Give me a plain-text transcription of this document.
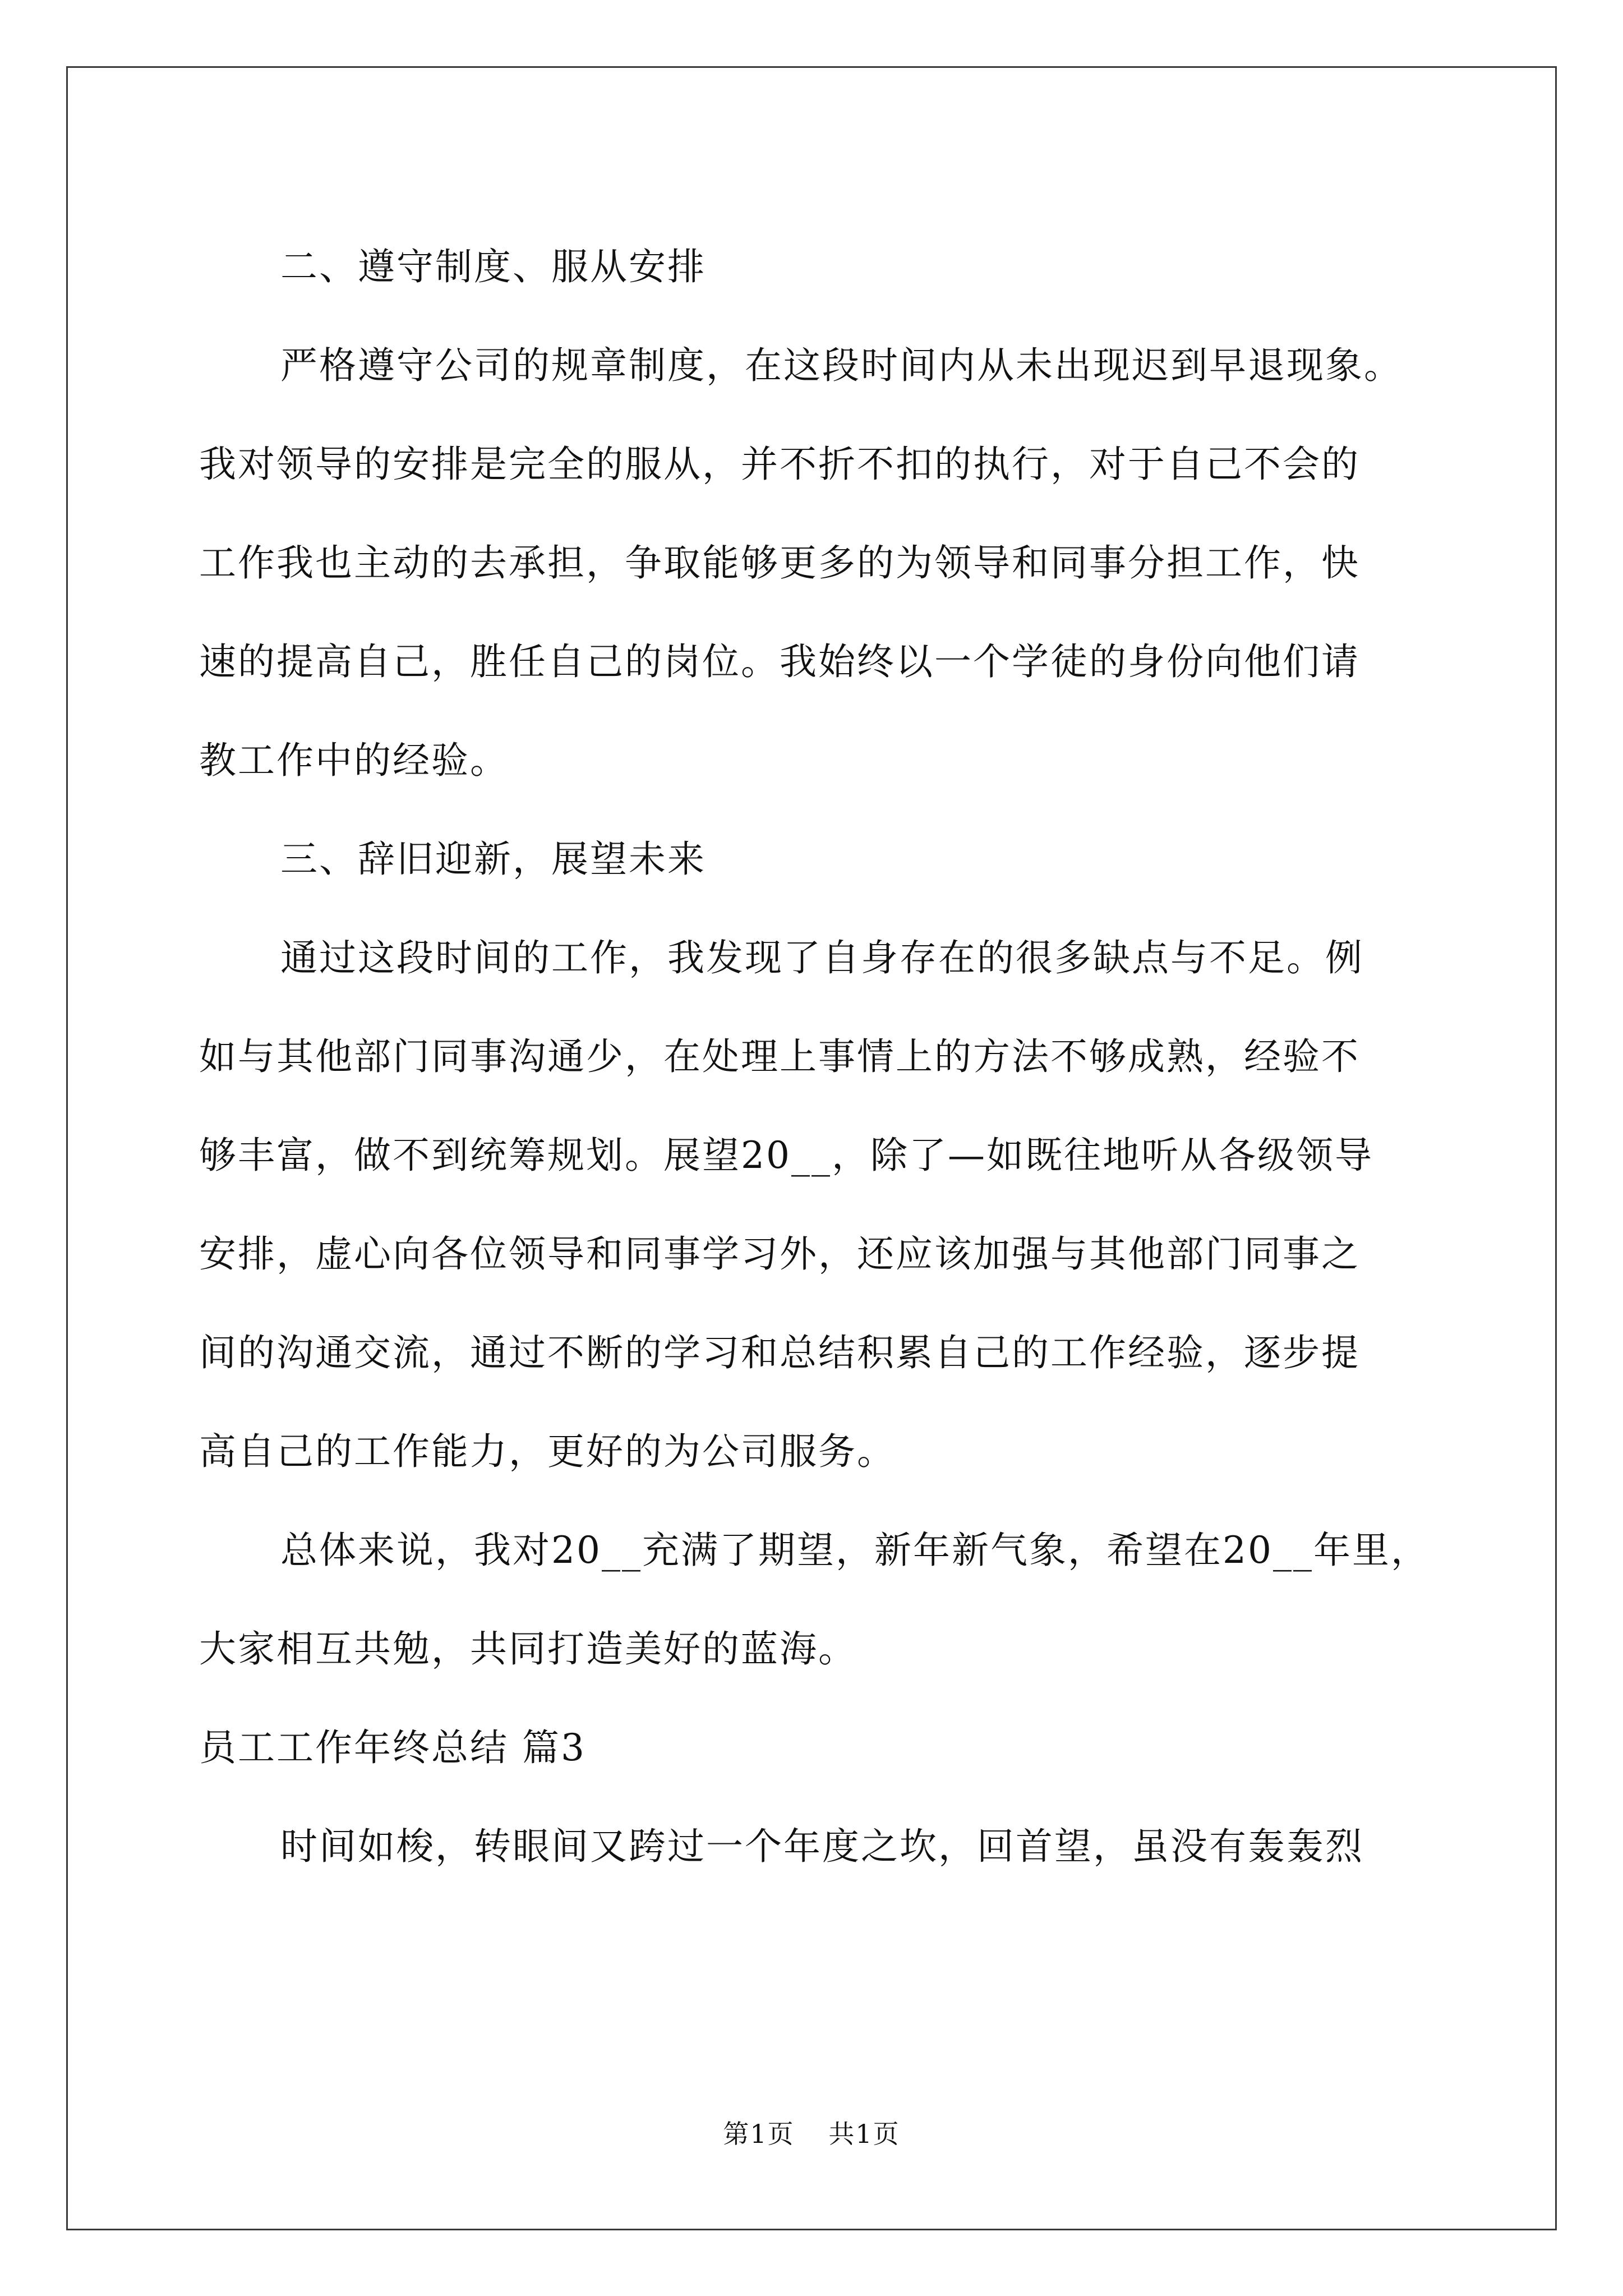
二、遵守制度、服从安排
严格遵守公司的规章制度，在这段时间内从未出现迟到早退现象。
我对领导的安排是完全的服从，并不折不扣的执行，对于自己不会的
工作我也主动的去承担，争取能够更多的为领导和同事分担工作，快
速的提高自己，胜任自己的岗位。我始终以一个学徒的身份向他们请
教工作中的经验。
三、辞旧迎新，展望未来
通过这段时间的工作，我发现了自身存在的很多缺点与不足。例
如与其他部门同事沟通少，在处理上事情上的方法不够成熟，经验不
够丰富，做不到统筹规划。展望20__，除了—如既往地听从各级领导
安排，虚心向各位领导和同事学习外，还应该加强与其他部门同事之
间的沟通交流，通过不断的学习和总结积累自己的工作经验，逐步提
高自己的工作能力，更好的为公司服务。
总体来说，我对20__充满了期望，新年新气象，希望在20__年里，
大家相互共勉，共同打造美好的蓝海。
员工工作年终总结 篇3
时间如梭，转眼间又跨过一个年度之坎，回首望，虽没有轰轰烈
第1页 共1页
